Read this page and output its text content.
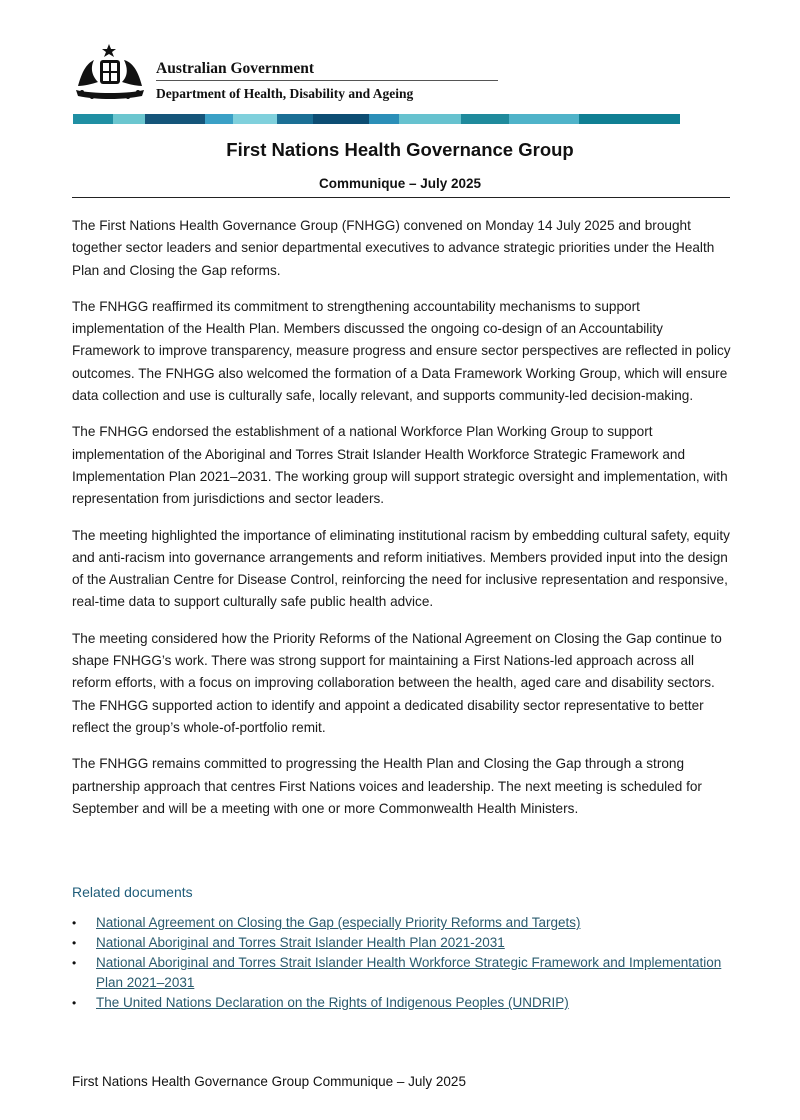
Australian Government
Department of Health, Disability and Ageing
First Nations Health Governance Group
Communique – July 2025

The First Nations Health Governance Group (FNHGG) convened on Monday 14 July 2025 and brought together sector leaders and senior departmental executives to advance strategic priorities under the Health Plan and Closing the Gap reforms.

The FNHGG reaffirmed its commitment to strengthening accountability mechanisms to support implementation of the Health Plan. Members discussed the ongoing co-design of an Accountability Framework to improve transparency, measure progress and ensure sector perspectives are reflected in policy outcomes. The FNHGG also welcomed the formation of a Data Framework Working Group, which will ensure data collection and use is culturally safe, locally relevant, and supports community-led decision-making.

The FNHGG endorsed the establishment of a national Workforce Plan Working Group to support implementation of the Aboriginal and Torres Strait Islander Health Workforce Strategic Framework and Implementation Plan 2021–2031. The working group will support strategic oversight and implementation, with representation from jurisdictions and sector leaders.

The meeting highlighted the importance of eliminating institutional racism by embedding cultural safety, equity and anti-racism into governance arrangements and reform initiatives. Members provided input into the design of the Australian Centre for Disease Control, reinforcing the need for inclusive representation and responsive, real-time data to support culturally safe public health advice.

The meeting considered how the Priority Reforms of the National Agreement on Closing the Gap continue to shape FNHGG’s work. There was strong support for maintaining a First Nations-led approach across all reform efforts, with a focus on improving collaboration between the health, aged care and disability sectors. The FNHGG supported action to identify and appoint a dedicated disability sector representative to better reflect the group’s whole-of-portfolio remit.

The FNHGG remains committed to progressing the Health Plan and Closing the Gap through a strong partnership approach that centres First Nations voices and leadership. The next meeting is scheduled for September and will be a meeting with one or more Commonwealth Health Ministers.

Related documents
• National Agreement on Closing the Gap (especially Priority Reforms and Targets)
• National Aboriginal and Torres Strait Islander Health Plan 2021-2031
• National Aboriginal and Torres Strait Islander Health Workforce Strategic Framework and Implementation Plan 2021–2031
• The United Nations Declaration on the Rights of Indigenous Peoples (UNDRIP)
First Nations Health Governance Group Communique – July 2025
